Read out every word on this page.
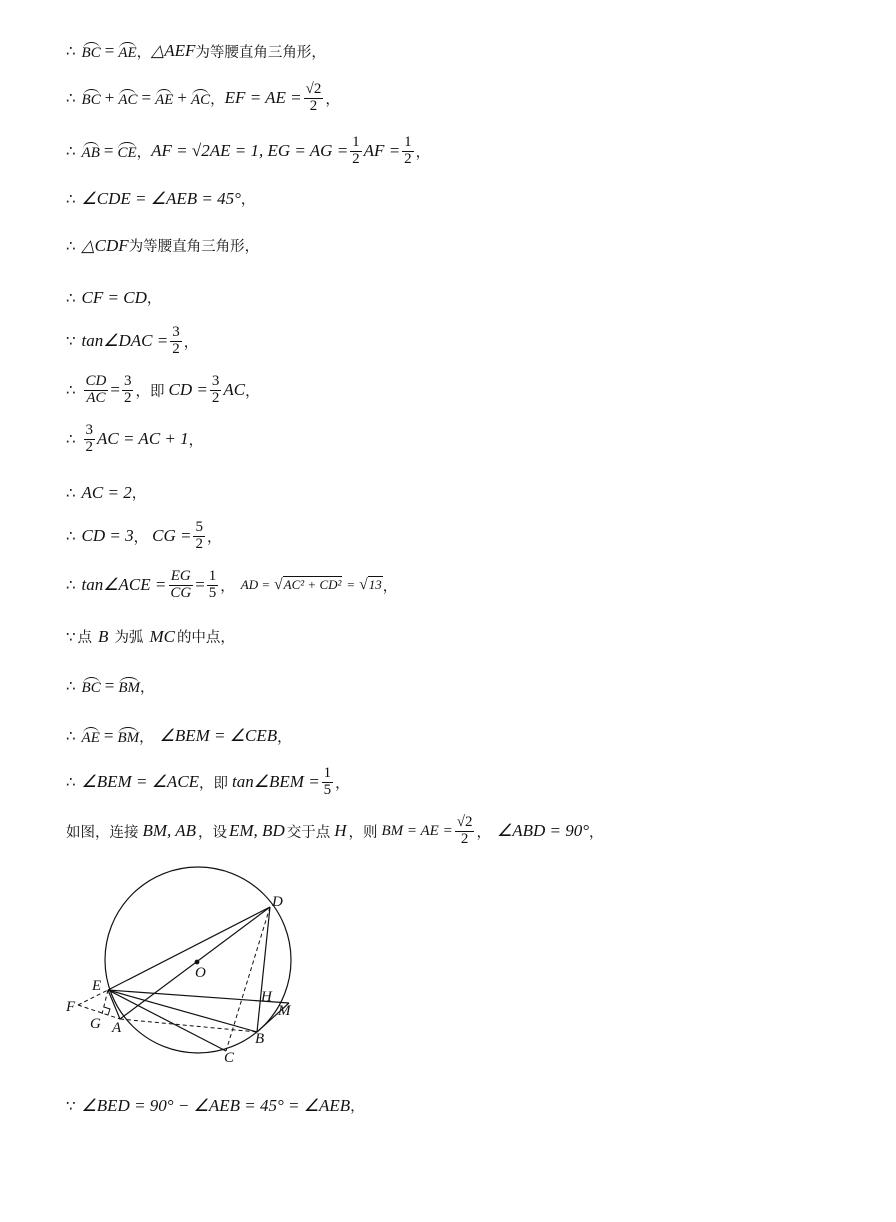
∴ BC = AE ， △AEF 为等腰直角三角形，
∴ BC + AC = AE + AC ， EF = AE = $\frac{√2}{2}$ ，
∴ AB = CE ， AF = √2AE = 1, EG = AG = $\frac{1}{2}$ AF = $\frac{1}{2}$ ，
∴ ∠CDE = ∠AEB = 45° ，
∴ △CDF 为等腰直角三角形，
∴ CF = CD ，
∵ tan∠DAC = $\frac{3}{2}$ ，
∴ $\frac{CD}{AC} = \frac{3}{2}$ ，即 CD = $\frac{3}{2}$ AC ，
∴ $\frac{3}{2}$ AC = AC + 1 ，
∴ AC = 2 ，
∴ CD = 3 ， CG = $\frac{5}{2}$ ，
∴ tan∠ACE = $\frac{EG}{CG} = \frac{1}{5}$ ， AD = √AC² + CD² = √13 ，
∵ 点 B 为弧 MC 的中点，
∴ BC = BM ，
∴ AE = BM ， ∠BEM = ∠CEB ，
∴ ∠BEM = ∠ACE ，即 tan∠BEM = $\frac{1}{5}$ ，
如图，连接 BM, AB ，设 EM, BD 交于点 H ，则 BM = AE = $\frac{√2}{2}$ ， ∠ABD = 90° ，
D
O
E
H
M
F
G A
B
C
∵ ∠BED = 90° − ∠AEB = 45° = ∠AEB ，
